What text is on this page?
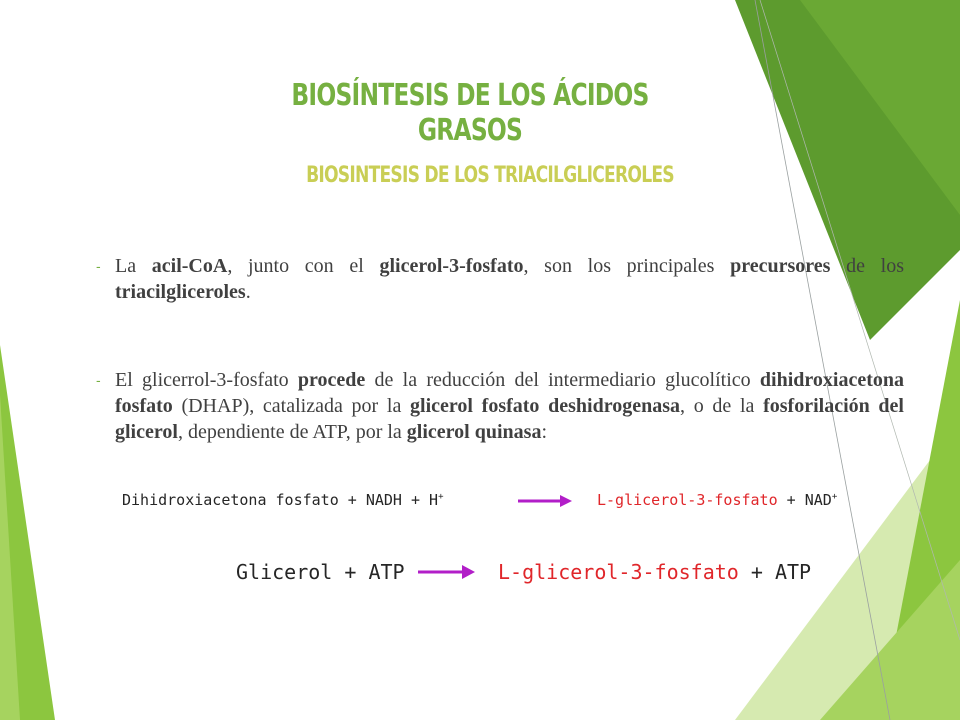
BIOSÍNTESIS DE LOS ÁCIDOS GRASOS
BIOSINTESIS DE LOS TRIACILGLICEROLES
- La acil-CoA, junto con el glicerol-3-fosfato, son los principales precursores de los triacilgliceroles.
- El glicerrol-3-fosfato procede de la reducción del intermediario glucolítico dihidroxiacetona fosfato (DHAP), catalizada por la glicerol fosfato deshidrogenasa, o de la fosforilación del glicerol, dependiente de ATP, por la glicerol quinasa:
Dihidroxiacetona fosfato + NADH + H+	→ L-glicerol-3-fosfato + NAD+
Glicerol + ATP → L-glicerol-3-fosfato + ATP
